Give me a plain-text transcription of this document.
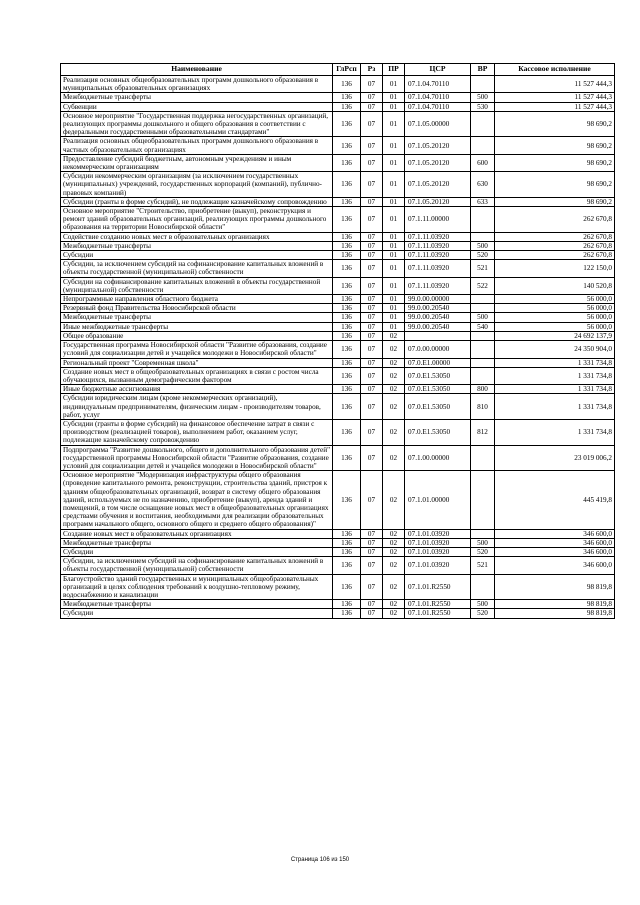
Наименование	ГлРсп	Рз	ПР	ЦСР	ВР	Кассовое исполнение
Реализация основных общеобразовательных программ дошкольного образования в муниципальных образовательных организациях	136	07	01	07.1.04.70110		11 527 444,3
Межбюджетные трансферты	136	07	01	07.1.04.70110	500	11 527 444,3
Субвенции	136	07	01	07.1.04.70110	530	11 527 444,3
Основное мероприятие "Государственная поддержка негосударственных организаций, реализующих программы дошкольного и общего образования в соответствии с федеральными государственными образовательными стандартами"	136	07	01	07.1.05.00000		98 690,2
Реализация основных общеобразовательных программ дошкольного образования в частных образовательных организациях	136	07	01	07.1.05.20120		98 690,2
Предоставление субсидий бюджетным, автономным учреждениям и иным некоммерческим организациям	136	07	01	07.1.05.20120	600	98 690,2
Субсидии некоммерческим организациям (за исключением государственных (муниципальных) учреждений, государственных корпораций (компаний), публично-правовых компаний)	136	07	01	07.1.05.20120	630	98 690,2
Субсидии (гранты в форме субсидий), не подлежащие казначейскому сопровождению	136	07	01	07.1.05.20120	633	98 690,2
Основное мероприятие "Строительство, приобретение (выкуп), реконструкция и ремонт зданий образовательных организаций, реализующих программы дошкольного образования на территории Новосибирской области"	136	07	01	07.1.11.00000		262 670,8
Содействие созданию новых мест в образовательных организациях	136	07	01	07.1.11.03920		262 670,8
Межбюджетные трансферты	136	07	01	07.1.11.03920	500	262 670,8
Субсидии	136	07	01	07.1.11.03920	520	262 670,8
Субсидии, за исключением субсидий на софинансирование капитальных вложений в объекты государственной (муниципальной) собственности	136	07	01	07.1.11.03920	521	122 150,0
Субсидии на софинансирование капитальных вложений в объекты государственной (муниципальной) собственности	136	07	01	07.1.11.03920	522	140 520,8
Непрограммные направления областного бюджета	136	07	01	99.0.00.00000		56 000,0
Резервный фонд Правительства Новосибирской области	136	07	01	99.0.00.20540		56 000,0
Межбюджетные трансферты	136	07	01	99.0.00.20540	500	56 000,0
Иные межбюджетные трансферты	136	07	01	99.0.00.20540	540	56 000,0
Общее образование	136	07	02			24 692 137,9
Государственная программа Новосибирской области "Развитие образования, создание условий для социализации детей и учащейся молодежи в Новосибирской области"	136	07	02	07.0.00.00000		24 350 904,0
Региональный проект "Современная школа"	136	07	02	07.0.E1.00000		1 331 734,8
Создание новых мест в общеобразовательных организациях в связи с ростом числа обучающихся, вызванным демографическим фактором	136	07	02	07.0.E1.53050		1 331 734,8
Иные бюджетные ассигнования	136	07	02	07.0.E1.53050	800	1 331 734,8
Субсидии юридическим лицам (кроме некоммерческих организаций), индивидуальным предпринимателям, физическим лицам - производителям товаров, работ, услуг	136	07	02	07.0.E1.53050	810	1 331 734,8
Субсидии (гранты в форме субсидий) на финансовое обеспечение затрат в связи с производством (реализацией товаров), выполнением работ, оказанием услуг, подлежащие казначейскому сопровождению	136	07	02	07.0.E1.53050	812	1 331 734,8
Подпрограмма "Развитие дошкольного, общего и дополнительного образования детей" государственной программы Новосибирской области "Развитие образования, создание условий для социализации детей и учащейся молодежи в Новосибирской области"	136	07	02	07.1.00.00000		23 019 006,2
Основное мероприятие "Модернизация инфраструктуры общего образования (проведение капитального ремонта, реконструкции, строительства зданий, пристроя к зданиям общеобразовательных организаций, возврат в систему общего образования зданий, используемых не по назначению, приобретение (выкуп), аренда зданий и помещений, в том числе оснащение новых мест в общеобразовательных организациях средствами обучения и воспитания, необходимыми для реализации образовательных программ начального общего, основного общего и среднего общего образования)"	136	07	02	07.1.01.00000		445 419,8
Создание новых мест в образовательных организациях	136	07	02	07.1.01.03920		346 600,0
Межбюджетные трансферты	136	07	02	07.1.01.03920	500	346 600,0
Субсидии	136	07	02	07.1.01.03920	520	346 600,0
Субсидии, за исключением субсидий на софинансирование капитальных вложений в объекты государственной (муниципальной) собственности	136	07	02	07.1.01.03920	521	346 600,0
Благоустройство зданий государственных и муниципальных общеобразовательных организаций в целях соблюдения требований к воздушно-тепловому режиму, водоснабжению и канализации	136	07	02	07.1.01.R2550		98 819,8
Межбюджетные трансферты	136	07	02	07.1.01.R2550	500	98 819,8
Субсидии	136	07	02	07.1.01.R2550	520	98 819,8
Страница 106 из 150
